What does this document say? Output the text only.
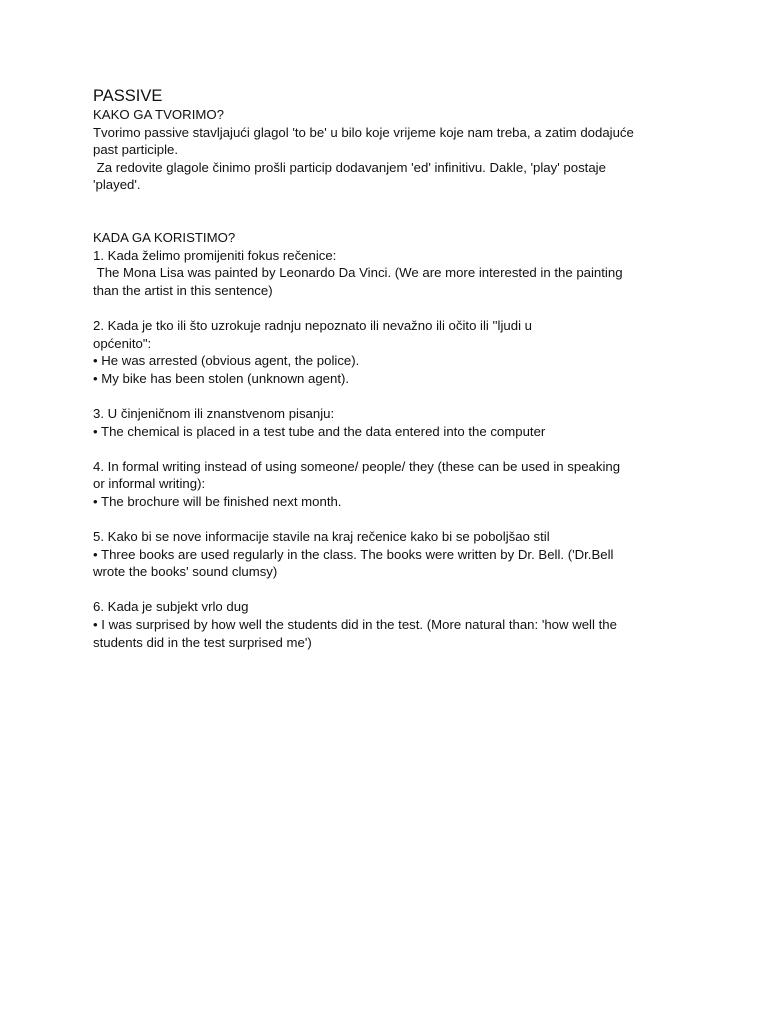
PASSIVE
KAKO GA TVORIMO?
Tvorimo passive stavljajući glagol 'to be' u bilo koje vrijeme koje nam treba, a zatim dodajuće
past participle.
Za redovite glagole činimo prošli particip dodavanjem 'ed' infinitivu. Dakle, 'play' postaje
'played'.
KADA GA KORISTIMO?
1. Kada želimo promijeniti fokus rečenice:
The Mona Lisa was painted by Leonardo Da Vinci. (We are more interested in the painting
than the artist in this sentence)
2. Kada je tko ili što uzrokuje radnju nepoznato ili nevažno ili očito ili ''ljudi u
općenito":
• He was arrested (obvious agent, the police).
• My bike has been stolen (unknown agent).
3. U činjeničnom ili znanstvenom pisanju:
• The chemical is placed in a test tube and the data entered into the computer
4. In formal writing instead of using someone/ people/ they (these can be used in speaking
or informal writing):
• The brochure will be finished next month.
5. Kako bi se nove informacije stavile na kraj rečenice kako bi se poboljšao stil
• Three books are used regularly in the class. The books were written by Dr. Bell. ('Dr.Bell
wrote the books' sound clumsy)
6. Kada je subjekt vrlo dug
• I was surprised by how well the students did in the test. (More natural than: 'how well the
students did in the test surprised me')
